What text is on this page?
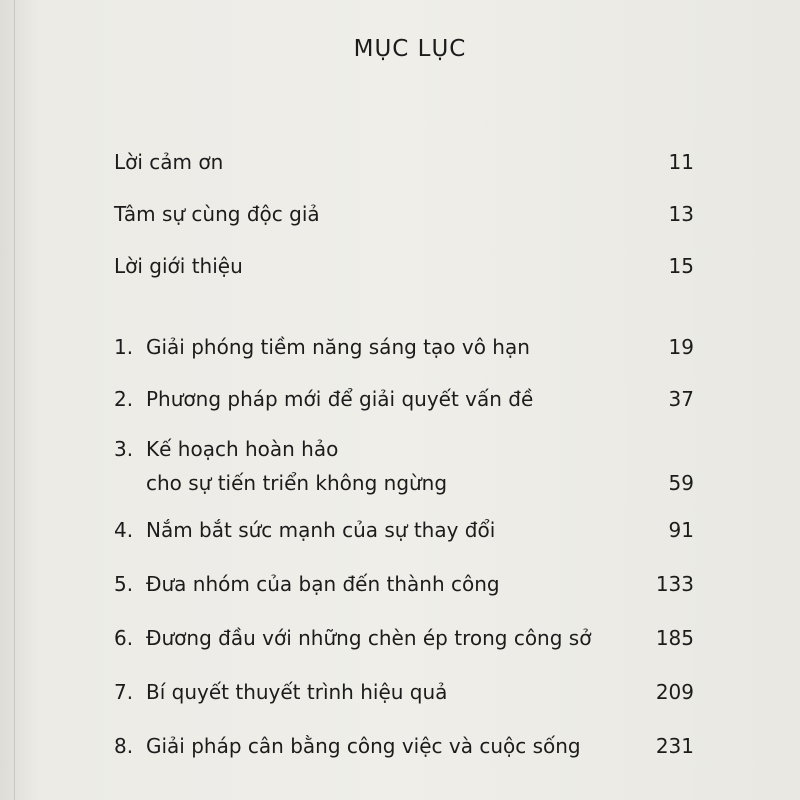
MỤC LỤC
Lời cảm ơn	11
Tâm sự cùng độc giả	13
Lời giới thiệu	15
1. Giải phóng tiềm năng sáng tạo vô hạn	19
2. Phương pháp mới để giải quyết vấn đề	37
3. Kế hoạch hoàn hảo
cho sự tiến triển không ngừng	59
4. Nắm bắt sức mạnh của sự thay đổi	91
5. Đưa nhóm của bạn đến thành công	133
6. Đương đầu với những chèn ép trong công sở	185
7. Bí quyết thuyết trình hiệu quả	209
8. Giải pháp cân bằng công việc và cuộc sống	231
